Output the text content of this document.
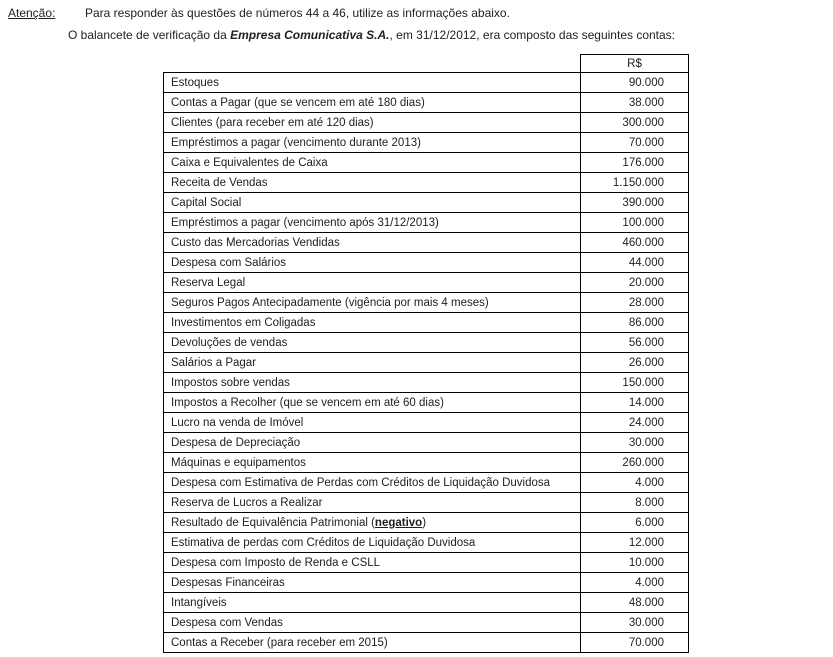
Atenção: Para responder às questões de números 44 a 46, utilize as informações abaixo.
O balancete de verificação da Empresa Comunicativa S.A., em 31/12/2012, era composto das seguintes contas:
	R$
Estoques	90.000
Contas a Pagar (que se vencem em até 180 dias)	38.000
Clientes (para receber em até 120 dias)	300.000
Empréstimos a pagar (vencimento durante 2013)	70.000
Caixa e Equivalentes de Caixa	176.000
Receita de Vendas	1.150.000
Capital Social	390.000
Empréstimos a pagar (vencimento após 31/12/2013)	100.000
Custo das Mercadorias Vendidas	460.000
Despesa com Salários	44.000
Reserva Legal	20.000
Seguros Pagos Antecipadamente (vigência por mais 4 meses)	28.000
Investimentos em Coligadas	86.000
Devoluções de vendas	56.000
Salários a Pagar	26.000
Impostos sobre vendas	150.000
Impostos a Recolher (que se vencem em até 60 dias)	14.000
Lucro na venda de Imóvel	24.000
Despesa de Depreciação	30.000
Máquinas e equipamentos	260.000
Despesa com Estimativa de Perdas com Créditos de Liquidação Duvidosa	4.000
Reserva de Lucros a Realizar	8.000
Resultado de Equivalência Patrimonial (negativo)	6.000
Estimativa de perdas com Créditos de Liquidação Duvidosa	12.000
Despesa com Imposto de Renda e CSLL	10.000
Despesas Financeiras	4.000
Intangíveis	48.000
Despesa com Vendas	30.000
Contas a Receber (para receber em 2015)	70.000
